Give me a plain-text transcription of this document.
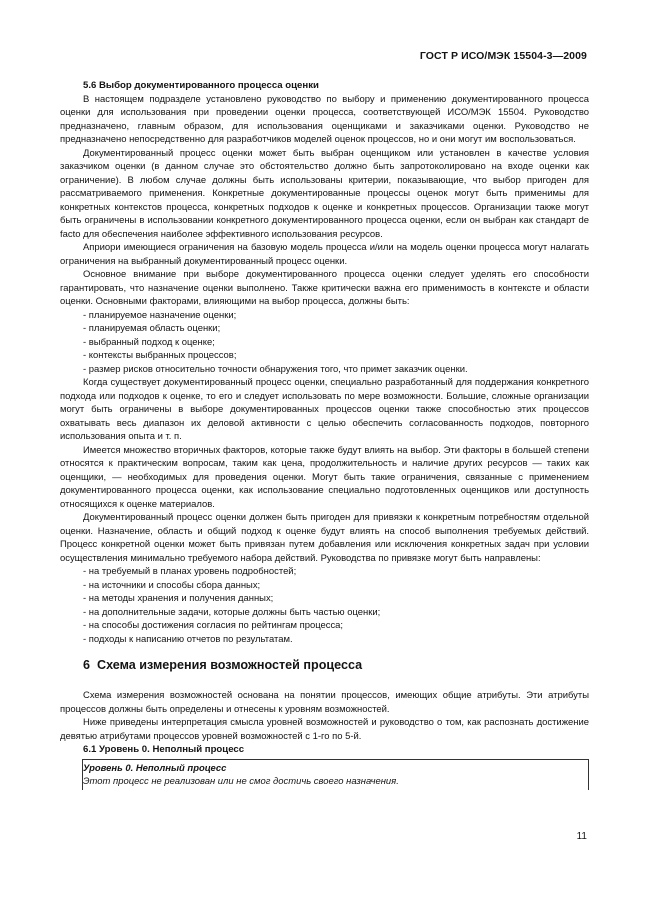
ГОСТ Р ИСО/МЭК 15504-3—2009
5.6 Выбор документированного процесса оценки

В настоящем подразделе установлено руководство по выбору и применению документированного процесса оценки для использования при проведении оценки процесса, соответствующей ИСО/МЭК 15504. Руководство предназначено, главным образом, для использования оценщиками и заказчиками оценки. Руководство не предназначено непосредственно для разработчиков моделей оценок процессов, но и они могут им воспользоваться.

Документированный процесс оценки может быть выбран оценщиком или установлен в качестве условия заказчиком оценки (в данном случае это обстоятельство должно быть запротоколировано на входе оценки как ограничение). В любом случае должны быть использованы критерии, показывающие, что выбор пригоден для рассматриваемого применения. Конкретные документированные процессы оценок могут быть применимы для конкретных контекстов процесса, конкретных подходов к оценке и конкретных процессов. Организации также могут быть ограничены в использовании конкретного документированного процесса оценки, если он выбран как стандарт de facto для обеспечения наиболее эффективного использования ресурсов.

Априори имеющиеся ограничения на базовую модель процесса и/или на модель оценки процесса могут налагать ограничения на выбранный документированный процесс оценки.

Основное внимание при выборе документированного процесса оценки следует уделять его способности гарантировать, что назначение оценки выполнено. Также критически важна его применимость в контексте и области оценки. Основными факторами, влияющими на выбор процесса, должны быть:

- планируемое назначение оценки;
- планируемая область оценки;
- выбранный подход к оценке;
- контексты выбранных процессов;
- размер рисков относительно точности обнаружения того, что примет заказчик оценки.

Когда существует документированный процесс оценки, специально разработанный для поддержания конкретного подхода или подходов к оценке, то его и следует использовать по мере возможности. Большие, сложные организации могут быть ограничены в выборе документированных процессов оценки также способностью этих процессов охватывать весь диапазон их деловой активности с целью обеспечить согласованность подходов, повторного использования опыта и т. п.

Имеется множество вторичных факторов, которые также будут влиять на выбор. Эти факторы в большей степени относятся к практическим вопросам, таким как цена, продолжительность и наличие других ресурсов — таких как оценщики, — необходимых для проведения оценки. Могут быть такие ограничения, связанные с применением документированного процесса оценки, как использование специально подготовленных оценщиков или доступность относящихся к оценке материалов.

Документированный процесс оценки должен быть пригоден для привязки к конкретным потребностям отдельной оценки. Назначение, область и общий подход к оценке будут влиять на способ выполнения требуемых действий. Процесс конкретной оценки может быть привязан путем добавления или исключения конкретных задач при условии осуществления минимально требуемого набора действий. Руководства по привязке могут быть направлены:

- на требуемый в планах уровень подробностей;
- на источники и способы сбора данных;
- на методы хранения и получения данных;
- на дополнительные задачи, которые должны быть частью оценки;
- на способы достижения согласия по рейтингам процесса;
- подходы к написанию отчетов по результатам.
6 Схема измерения возможностей процесса

Схема измерения возможностей основана на понятии процессов, имеющих общие атрибуты. Эти атрибуты процессов должны быть определены и отнесены к уровням возможностей.

Ниже приведены интерпретация смысла уровней возможностей и руководство о том, как распознать достижение девятью атрибутами процессов уровней возможностей с 1-го по 5-й.

6.1 Уровень 0. Неполный процесс
Уровень 0. Неполный процесс
Этот процесс не реализован или не смог достичь своего назначения.
11
